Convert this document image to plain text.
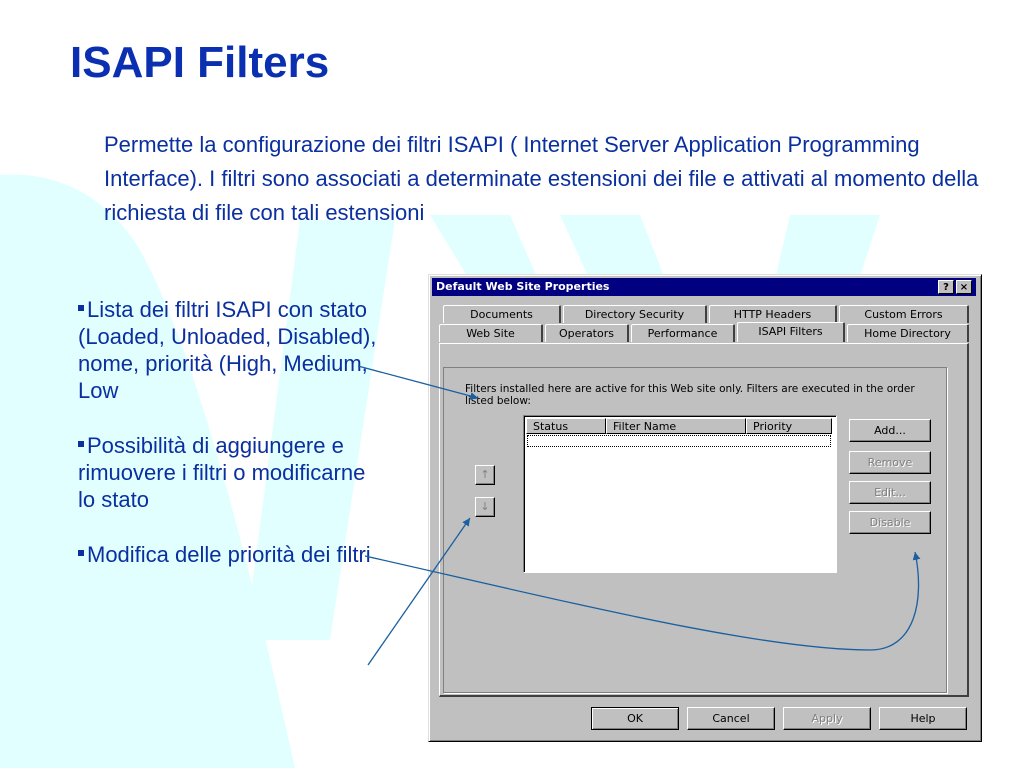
ISAPI Filters
Permette la configurazione dei filtri ISAPI ( Internet Server Application Programming Interface). I filtri sono associati a determinate estensioni dei file e attivati al momento della richiesta di file con tali estensioni
Lista dei filtri ISAPI con stato (Loaded, Unloaded, Disabled), nome, priorità (High, Medium, Low
Possibilità di aggiungere e rimuovere i filtri o modificarne lo stato
Modifica delle priorità dei filtri
Default Web Site Properties	?	×
Documents	Directory Security	HTTP Headers	Custom Errors
Web Site	Operators	Performance	ISAPI Filters	Home Directory
Filters installed here are active for this Web site only. Filters are executed in the order listed below:
Status	Filter Name	Priority
↑
↓
Add...
Remove
Edit...
Disable
OK	Cancel	Apply	Help
